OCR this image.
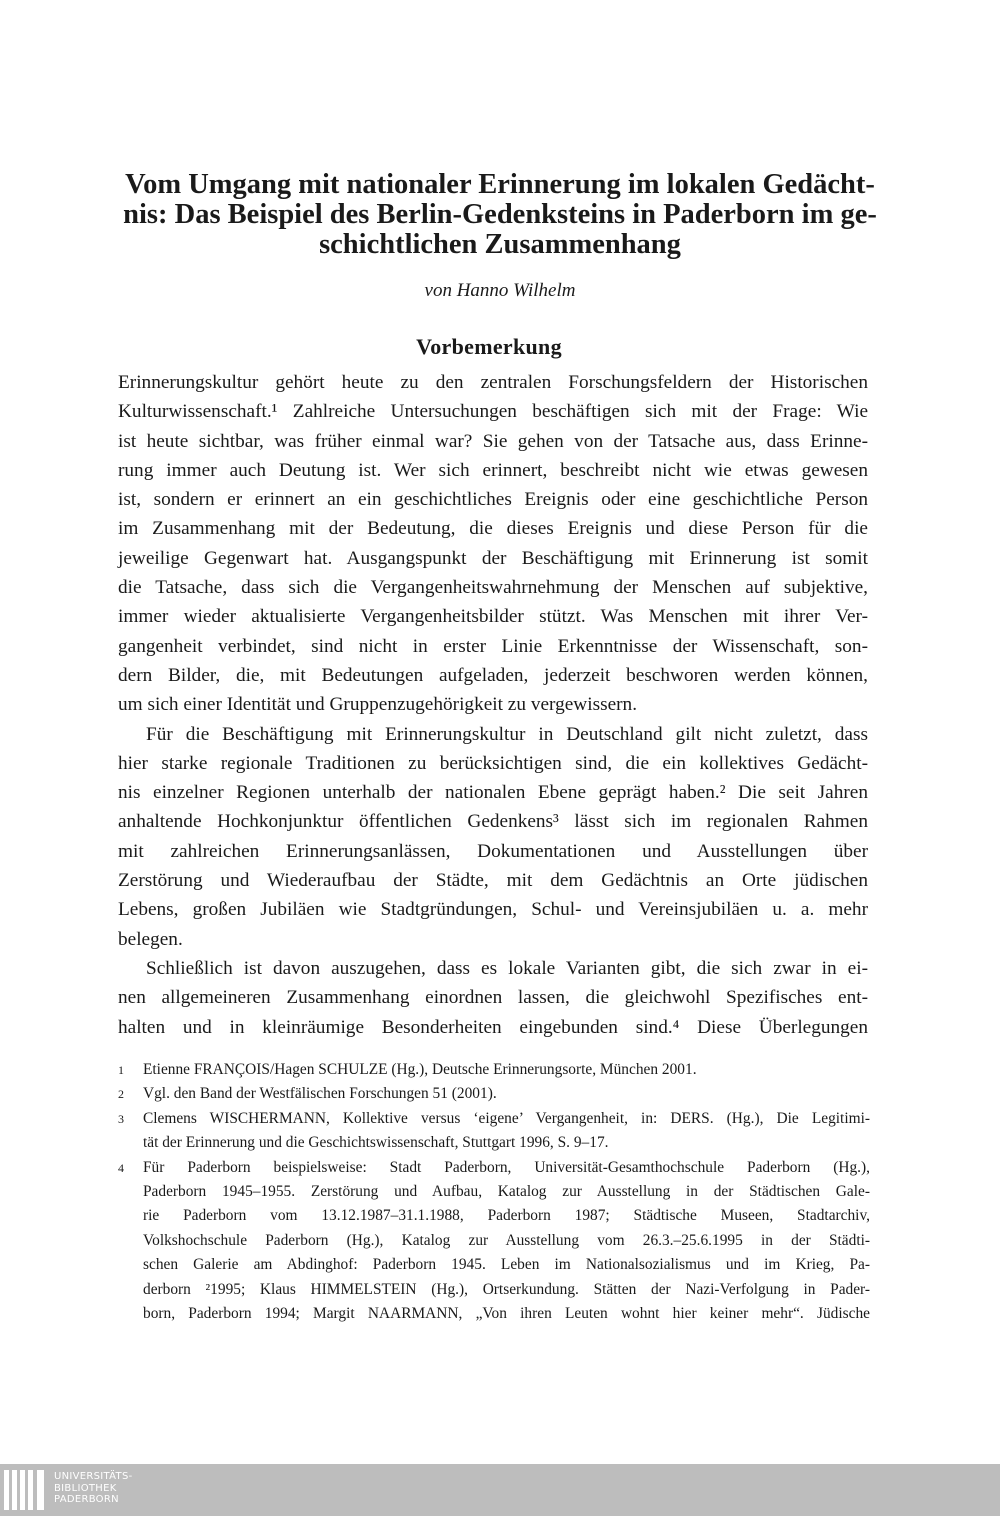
Vom Umgang mit nationaler Erinnerung im lokalen Gedächt-
nis: Das Beispiel des Berlin-Gedenksteins in Paderborn im ge-
schichtlichen Zusammenhang
von Hanno Wilhelm
Vorbemerkung
Erinnerungskultur gehört heute zu den zentralen Forschungsfeldern der Historischen
Kulturwissenschaft.¹ Zahlreiche Untersuchungen beschäftigen sich mit der Frage: Wie
ist heute sichtbar, was früher einmal war? Sie gehen von der Tatsache aus, dass Erinne-
rung immer auch Deutung ist. Wer sich erinnert, beschreibt nicht wie etwas gewesen
ist, sondern er erinnert an ein geschichtliches Ereignis oder eine geschichtliche Person
im Zusammenhang mit der Bedeutung, die dieses Ereignis und diese Person für die
jeweilige Gegenwart hat. Ausgangspunkt der Beschäftigung mit Erinnerung ist somit
die Tatsache, dass sich die Vergangenheitswahrnehmung der Menschen auf subjektive,
immer wieder aktualisierte Vergangenheitsbilder stützt. Was Menschen mit ihrer Ver-
gangenheit verbindet, sind nicht in erster Linie Erkenntnisse der Wissenschaft, son-
dern Bilder, die, mit Bedeutungen aufgeladen, jederzeit beschworen werden können,
um sich einer Identität und Gruppenzugehörigkeit zu vergewissern.
Für die Beschäftigung mit Erinnerungskultur in Deutschland gilt nicht zuletzt, dass
hier starke regionale Traditionen zu berücksichtigen sind, die ein kollektives Gedächt-
nis einzelner Regionen unterhalb der nationalen Ebene geprägt haben.² Die seit Jahren
anhaltende Hochkonjunktur öffentlichen Gedenkens³ lässt sich im regionalen Rahmen
mit zahlreichen Erinnerungsanlässen, Dokumentationen und Ausstellungen über
Zerstörung und Wiederaufbau der Städte, mit dem Gedächtnis an Orte jüdischen
Lebens, großen Jubiläen wie Stadtgründungen, Schul- und Vereinsjubiläen u. a. mehr
belegen.
Schließlich ist davon auszugehen, dass es lokale Varianten gibt, die sich zwar in ei-
nen allgemeineren Zusammenhang einordnen lassen, die gleichwohl Spezifisches ent-
halten und in kleinräumige Besonderheiten eingebunden sind.⁴ Diese Überlegungen
1 Etienne FRANÇOIS/Hagen SCHULZE (Hg.), Deutsche Erinnerungsorte, München 2001.
2 Vgl. den Band der Westfälischen Forschungen 51 (2001).
3 Clemens WISCHERMANN, Kollektive versus ‘eigene’ Vergangenheit, in: DERS. (Hg.), Die Legitimi-
tät der Erinnerung und die Geschichtswissenschaft, Stuttgart 1996, S. 9–17.
4 Für Paderborn beispielsweise: Stadt Paderborn, Universität-Gesamthochschule Paderborn (Hg.),
Paderborn 1945–1955. Zerstörung und Aufbau, Katalog zur Ausstellung in der Städtischen Gale-
rie Paderborn vom 13.12.1987–31.1.1988, Paderborn 1987; Städtische Museen, Stadtarchiv,
Volkshochschule Paderborn (Hg.), Katalog zur Ausstellung vom 26.3.–25.6.1995 in der Städti-
schen Galerie am Abdinghof: Paderborn 1945. Leben im Nationalsozialismus und im Krieg, Pa-
derborn ²1995; Klaus HIMMELSTEIN (Hg.), Ortserkundung. Stätten der Nazi-Verfolgung in Pader-
born, Paderborn 1994; Margit NAARMANN, „Von ihren Leuten wohnt hier keiner mehr“. Jüdische
UNIVERSITÄTS-
BIBLIOTHEK
PADERBORN
